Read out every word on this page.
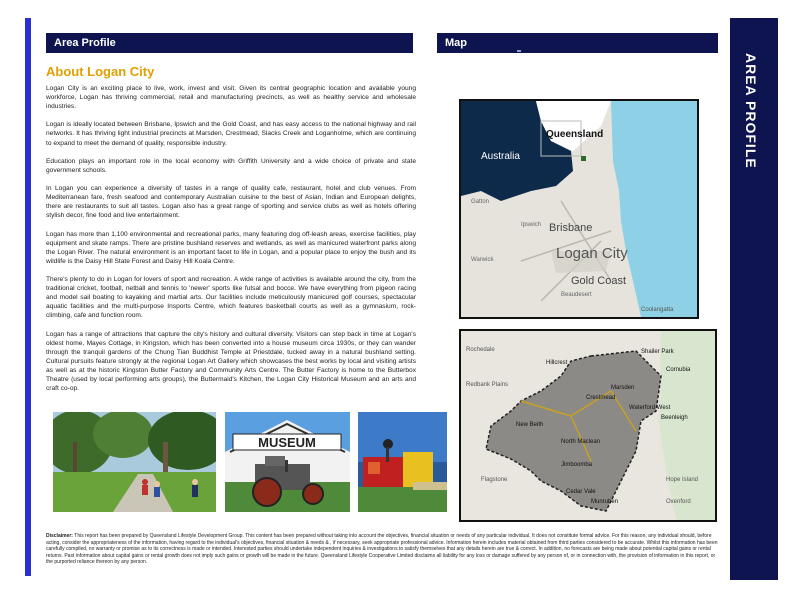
Area Profile	Map
AREA PROFILE
About Logan City

Logan City is an exciting place to live, work, invest and visit. Given its central geographic location and available young workforce, Logan has thriving commercial, retail and manufacturing precincts, as well as healthy service and wholesale industries.

Logan is ideally located between Brisbane, Ipswich and the Gold Coast, and has easy access to the national highway and rail networks. It has thriving light industrial precincts at Marsden, Crestmead, Slacks Creek and Loganholme, which are continuing to expand to meet the demand of quality, responsible industry.

Education plays an important role in the local economy with Griffith University and a wide choice of private and state government schools.

In Logan you can experience a diversity of tastes in a range of quality cafe, restaurant, hotel and club venues. From Mediterranean fare, fresh seafood and contemporary Australian cuisine to the best of Asian, Indian and European delights, there are restaurants to suit all tastes. Logan also has a great range of sporting and service clubs as well as hotels offering stylish decor, fine food and live entertainment.

Logan has more than 1,100 environmental and recreational parks, many featuring dog off-leash areas, exercise facilities, play equipment and skate ramps. There are pristine bushland reserves and wetlands, as well as manicured waterfront parks along the Logan River. The natural environment is an important facet to life in Logan, and a popular place to enjoy the bush and its wildlife is the Daisy Hill State Forest and Daisy Hill Koala Centre.

There's plenty to do in Logan for lovers of sport and recreation. A wide range of activities is available around the city, from the traditional cricket, football, netball and tennis to 'newer' sports like futsal and bocce. We have everything from pigeon racing and model sail boating to kayaking and martial arts. Our facilities include meticulously manicured golf courses, spectacular aquatic facilities and the multi-purpose Insports Centre, which features basketball courts as well as a gymnasium, rock-climbing, cafe and function room.

Logan has a range of attractions that capture the city's history and cultural diversity. Visitors can step back in time at Logan's oldest home, Mayes Cottage, in Kingston, which has been converted into a house museum circa 1930s, or they can wander through the tranquil gardens of the Chung Tian Buddhist Temple at Priestdale, tucked away in a natural bushland setting. Cultural pursuits feature strongly at the regional Logan Art Gallery which showcases the best works by local and visiting artists as well as at the historic Kingston Butter Factory and Community Arts Centre. The Butter Factory is home to the Butterbox Theatre (used by local performing arts groups), the Buttermaid's Kitchen, the Logan City Historical Museum and an arts and craft co-op.

MUSEUM
Queensland
Australia
Brisbane
Logan City
Gold Coast
Ipswich
Gatton
Warwick
Beaudesert
Coolangatta
Rochedale
Redbank Plains
Hillcrest
Marsden
Shailer Park
Cornubia
Crestmead
Waterford West
Beenleigh
New Beith
North Maclean
Jimboomba
Cedar Vale
Munruben
Hope Island
Oxenford
Flagstone
Disclaimer: This report has been prepared by Queensland Lifestyle Development Group. This content has been prepared without taking into account the objectives, financial situation or needs of any particular individual. It does not constitute formal advice. For this reason, any individual should, before acting, consider the appropriateness of the information, having regard to the individual's objectives, financial situation & needs & , if necessary, seek appropriate professional advice. Information herein includes material obtained from third parties considered to be accurate. Whilst this information has been carefully compiled, no warranty or promise as to its correctness is made or intended. Interested parties should undertake independent inquiries & investigations to satisfy themselves that any details herein are true & correct. In addition, no forecasts are being made about potential capital gains or rental returns. Past information about capital gains or rental growth does not imply such gains or growth will be made in the future. Queensland Lifestyle Cooperative Limited disclaims all liability for any loss or damage suffered by any person of, or in connection with, the provision of information in this report, or the purported reliance thereon by any person.
